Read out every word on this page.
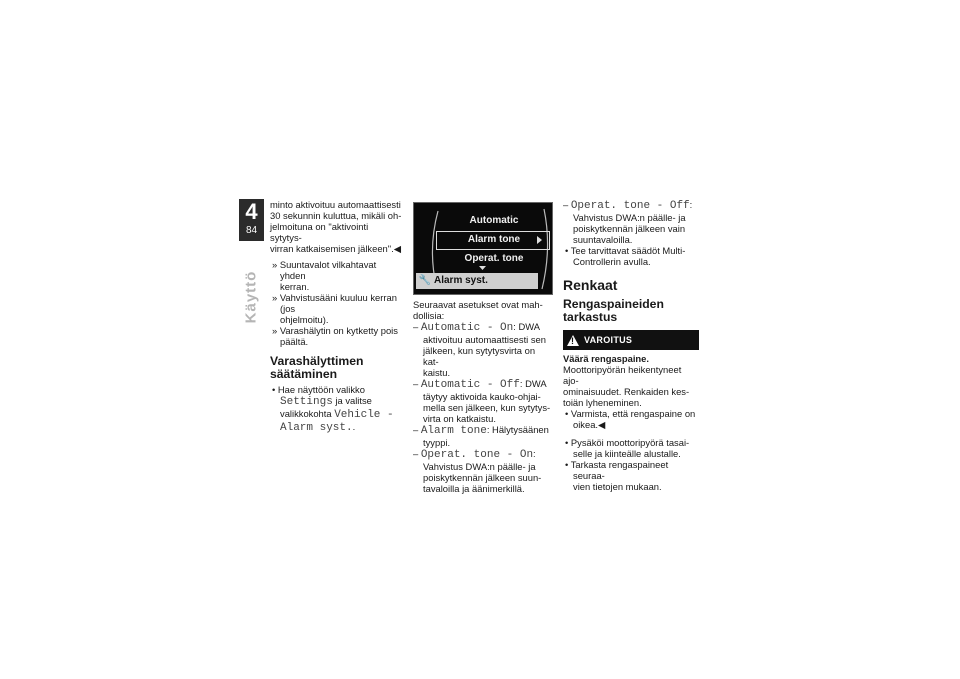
4
84
Käyttö

minto aktivoituu automaattisesti

30 sekunnin kuluttua, mikäli oh-

jelmoituna on "aktivointi sytytys-

virran katkaisemisen jälkeen".◀

» Suuntavalot vilkahtavat yhden
kerran.

» Vahvistusääni kuuluu kerran (jos
ohjelmoitu).

» Varashälytin on kytketty pois
päältä.

Varashälyttimen
säätäminen

• Hae näyttöön valikko
Settings ja valitse
valikkokohta Vehicle -
Alarm syst..

Automatic
Alarm tone
Operat. tone
🔧 Alarm syst.

Seuraavat asetukset ovat mah-
dollisia:

– Automatic - On: DWA
aktivoituu automaattisesti sen
jälkeen, kun sytytysvirta on kat-
kaistu.

– Automatic - Off: DWA
täytyy aktivoida kauko-ohjai-
mella sen jälkeen, kun sytytys-
virta on katkaistu.

– Alarm tone: Hälytysäänen
tyyppi.

– Operat. tone - On:
Vahvistus DWA:n päälle- ja
poiskytkennän jälkeen suun-
tavaloilla ja äänimerkillä.

– Operat. tone - Off:
Vahvistus DWA:n päälle- ja
poiskytkennän jälkeen vain
suuntavaloilla.

• Tee tarvittavat säädöt Multi-
Controllerin avulla.

Renkaat
Rengaspaineiden
tarkastus
!
VAROITUS

Väärä rengaspaine.

Moottoripyörän heikentyneet ajo-
ominaisuudet. Renkaiden kes-
toiän lyheneminen.

• Varmista, että rengaspaine on
oikea.◀

• Pysäköi moottoripyörä tasai-
selle ja kiinteälle alustalle.

• Tarkasta rengaspaineet seuraa-
vien tietojen mukaan.
